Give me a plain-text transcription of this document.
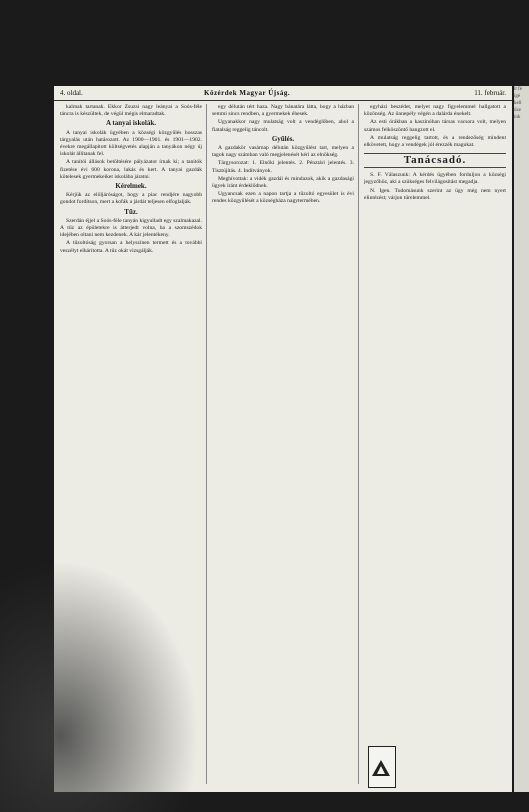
4. oldal.	Közérdek Magyar Újság.	11. február.

kalmak tartanak. Ekkor Zsuzsi nagy leányai a Soós-féle táncra is készültek, de végül mégis elmaradtak.

A tanyai iskolák.

A tanyai iskolák ügyében a községi közgyűlés hosszas tárgyalás után határozott. Az 1900—1901. és 1901—1902. évekre megállapított költségvetés alapján a tanyákon négy új iskolát állítanak fel.

A tanítói állások betöltésére pályázatot írnak ki; a tanítók fizetése évi 600 korona, lakás és kert. A tanyai gazdák kötelesek gyermekeiket iskolába járatni.

Kérelmek.

Kérjük az elöljáróságot, hogy a piac rendjére nagyobb gondot fordítson, mert a kofák a járdát teljesen elfoglalják.

Tűz.

Szerdán éjjel a Soós-féle tanyán kigyulladt egy szalmakazal. A tűz az épületekre is átterjedt volna, ha a szomszédok idejében oltani nem kezdenek. A kár jelentékeny.

A tűzoltóság gyorsan a helyszínen termett és a további veszélyt elhárította. A tűz okát vizsgálják.

egy délután tért haza. Nagy bánatára látta, hogy a házban semmi sincs rendben, a gyermekek éhesek.

Ugyanakkor nagy mulatság volt a vendéglőben, ahol a fiatalság reggelig táncolt.

Gyűlés.

A gazdakör vasárnap délután közgyűlést tart, melyen a tagok nagy számban való megjelenését kéri az elnökség.

Tárgysorozat: 1. Elnöki jelentés. 2. Pénztári jelentés. 3. Tisztújítás. 4. Indítványok.

Meghívottak: a vidék gazdái és mindazok, akik a gazdasági ügyek iránt érdeklődnek.

Ugyancsak ezen a napon tartja a tűzoltó egyesület is évi rendes közgyűlését a községháza nagytermében.

egyházi beszédet, melyet nagy figyelemmel hallgatott a közönség. Az ünnepély végén a dalárda énekelt.

Az esti órákban a kaszinóban társas vacsora volt, melyen számos felköszöntő hangzott el.

A mulatság reggelig tartott, és a rendezőség mindent elkövetett, hogy a vendégek jól érezzék magukat.

Tanácsadó.

S. F. Válaszunk: A kérdés ügyében forduljon a községi jegyzőhöz, aki a szükséges felvilágosítást megadja.

N. Igen. Tudomásunk szerint az ügy még nem nyert elintézést; várjon türelemmel.

lt fé
ígé
kell
őze
ínk
